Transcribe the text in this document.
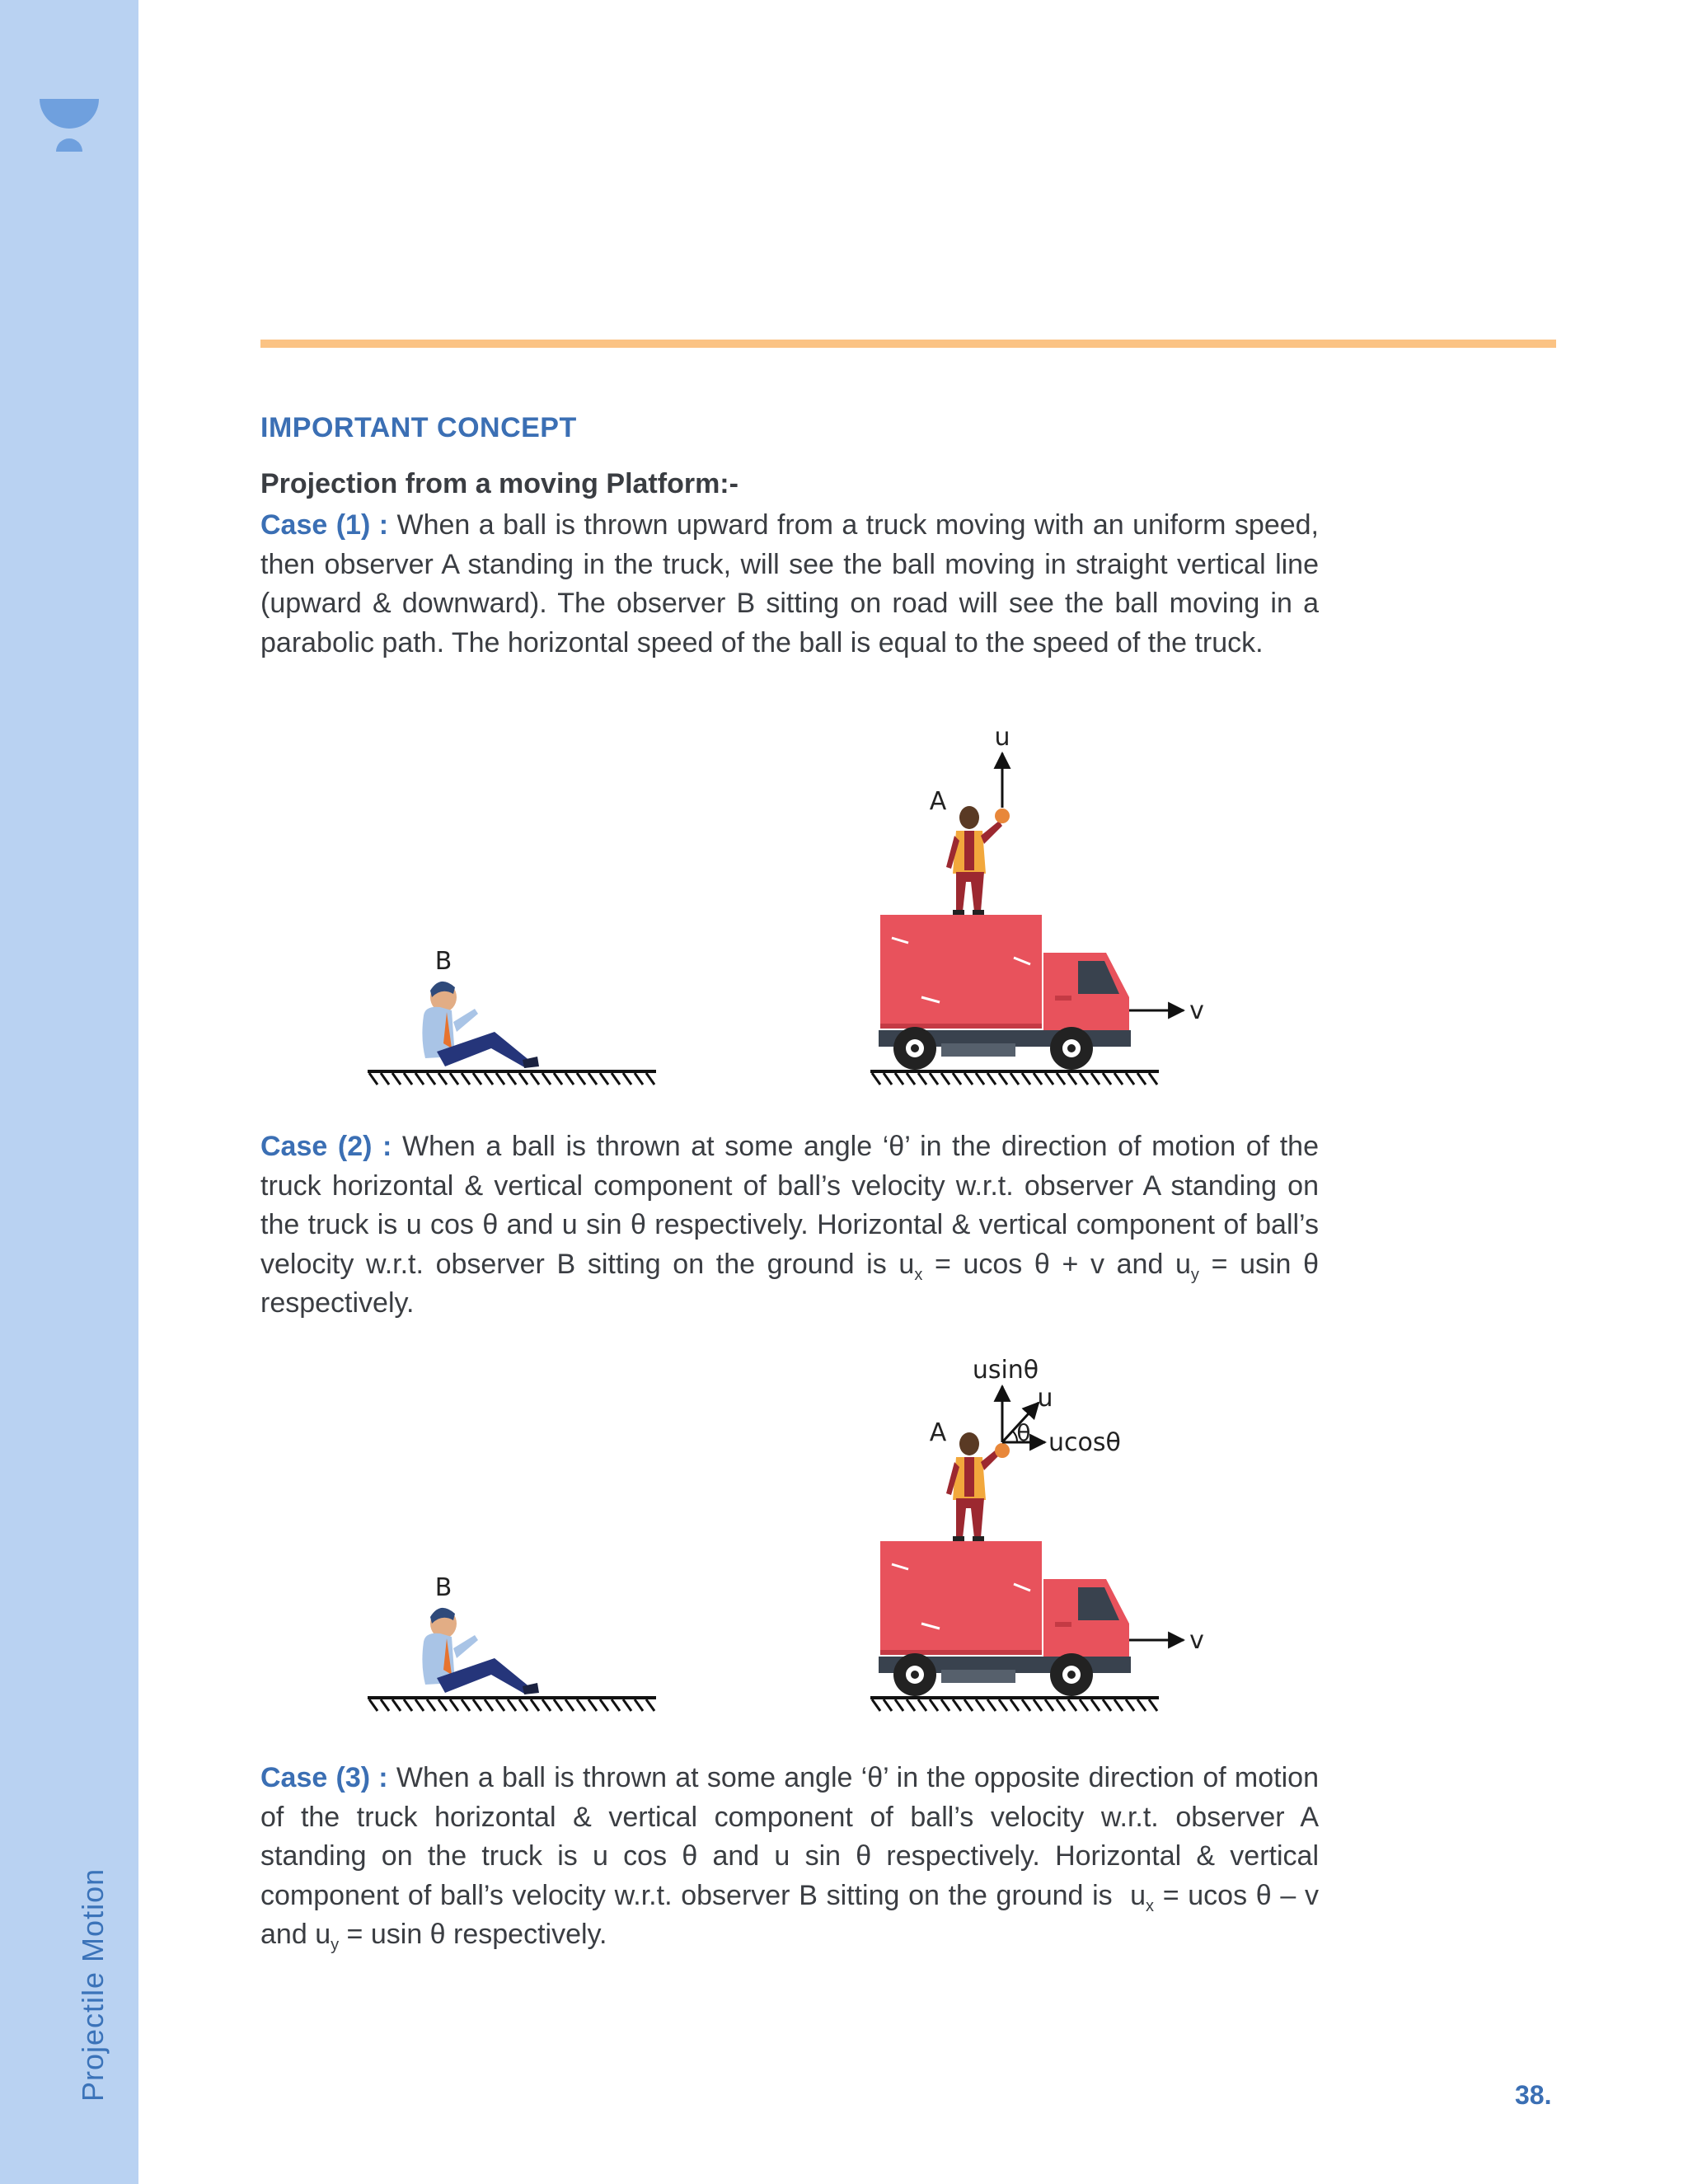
Projectile Motion
IMPORTANT CONCEPT
Projection from a moving Platform:-
Case (1) : When a ball is thrown upward from a truck moving with an uniform speed, then observer A standing in the truck, will see the ball moving in straight vertical line (upward & downward). The observer B sitting on road will see the ball moving in a parabolic path. The horizontal speed of the ball is equal to the speed of the truck.
B
u
A
v
Case (2) : When a ball is thrown at some angle ‘θ’ in the direction of motion of the truck horizontal & vertical component of ball’s velocity w.r.t. observer A standing on the truck is u cos θ and u sin θ respectively. Horizontal & vertical component of ball’s velocity w.r.t. observer B sitting on the ground is $u_x = ucos$ θ + v and $u_y = usin$ θ respectively.
B
usinθ
u
θ ucosθ
A
v
Case (3) : When a ball is thrown at some angle ‘θ’ in the opposite direction of motion of the truck horizontal & vertical component of ball’s velocity w.r.t. observer A standing on the truck is u cos θ and u sin θ respectively. Horizontal & vertical component of ball’s velocity w.r.t. observer B sitting on the ground is $u_x = ucos$ θ – v and $u_y = usin$ θ respectively.
38.
